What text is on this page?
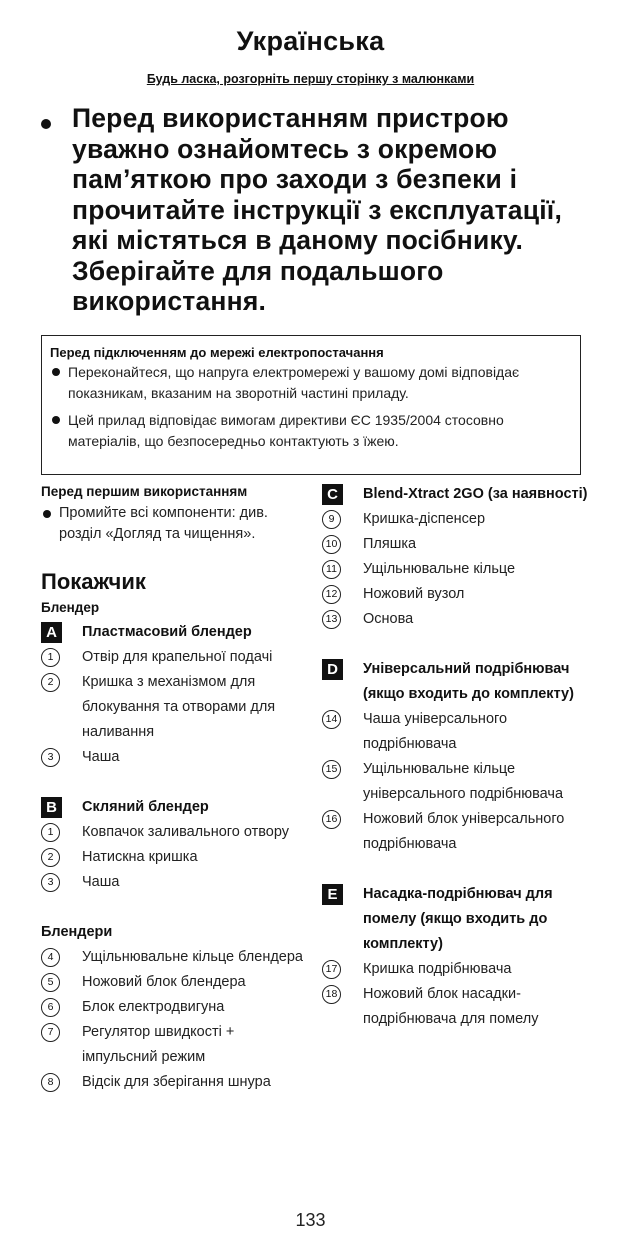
Українська
Будь ласка, розгорніть першу сторінку з малюнками

Перед використанням пристрою уважно ознайомтесь з окремою пам’яткою про заходи з безпеки і прочитайте інструкції з експлуатації, які містяться в даному посібнику. Зберігайте для подальшого використання.

Перед підключенням до мережі електропостачання
Переконайтеся, що напруга електромережі у вашому домі відповідає показникам, вказаним на зворотній частині приладу.
Цей прилад відповідає вимогам директиви ЄС 1935/2004 стосовно матеріалів, що безпосередньо контактують з їжею.
Перед першим використанням
Промийте всі компоненти: див. розділ «Догляд та чищення».
Покажчик
Блендер
A	Пластмасовий блендер
1	Отвір для крапельної подачі
2	Кришка з механізмом для блокування та отворами для наливання
3	Чаша
B	Скляний блендер
1	Ковпачок заливального отвору
2	Натискна кришка
3	Чаша
Блендери
4	Ущільнювальне кільце блендера
5	Ножовий блок блендера
6	Блок електродвигуна
7	Регулятор швидкості + імпульсний режим
8	Відсік для зберігання шнура
C	Blend-Xtract 2GO (за наявності)
9	Кришка-діспенсер
10 Пляшка
11 Ущільнювальне кільце
12 Ножовий вузол
13 Основа
D	Універсальний подрібнювач (якщо входить до комплекту)
14 Чаша універсального подрібнювача
15 Ущільнювальне кільце універсального подрібнювача
16 Ножовий блок універсального подрібнювача
E	Насадка-подрібнювач для помелу (якщо входить до комплекту)
17 Кришка подрібнювача
18 Ножовий блок насадки-подрібнювача для помелу
133
